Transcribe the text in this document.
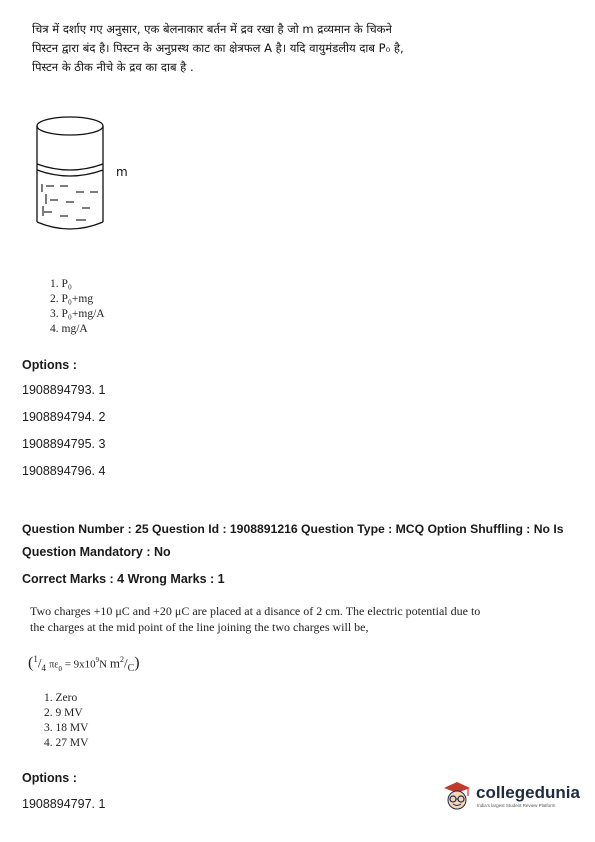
चित्र में दर्शाए गए अनुसार, एक बेलनाकार बर्तन में द्रव रखा है जो m द्रव्यमान के चिकने
पिस्टन द्वारा बंद है। पिस्टन के अनुप्रस्थ काट का क्षेत्रफल A है। यदि वायुमंडलीय दाब P₀ है,
पिस्टन के ठीक नीचे के द्रव का दाब है .
m
1. P₀
2. P₀+mg
3. P₀+mg/A
4. mg/A
Options :
1908894793. 1
1908894794. 2
1908894795. 3
1908894796. 4
Question Number : 25 Question Id : 1908891216 Question Type : MCQ Option Shuffling : No Is
Question Mandatory : No
Correct Marks : 4 Wrong Marks : 1
Two charges +10 μC and +20 μC are placed at a disance of 2 cm. The electric potential due to
the charges at the mid point of the line joining the two charges will be,
($^1/_4$ $\pi\varepsilon_0 = 9x10^9N$ $m^2/_C$)
1. Zero
2. 9 MV
3. 18 MV
4. 27 MV
Options :
1908894797. 1
collegedunia
India's largest Student Review Platform
